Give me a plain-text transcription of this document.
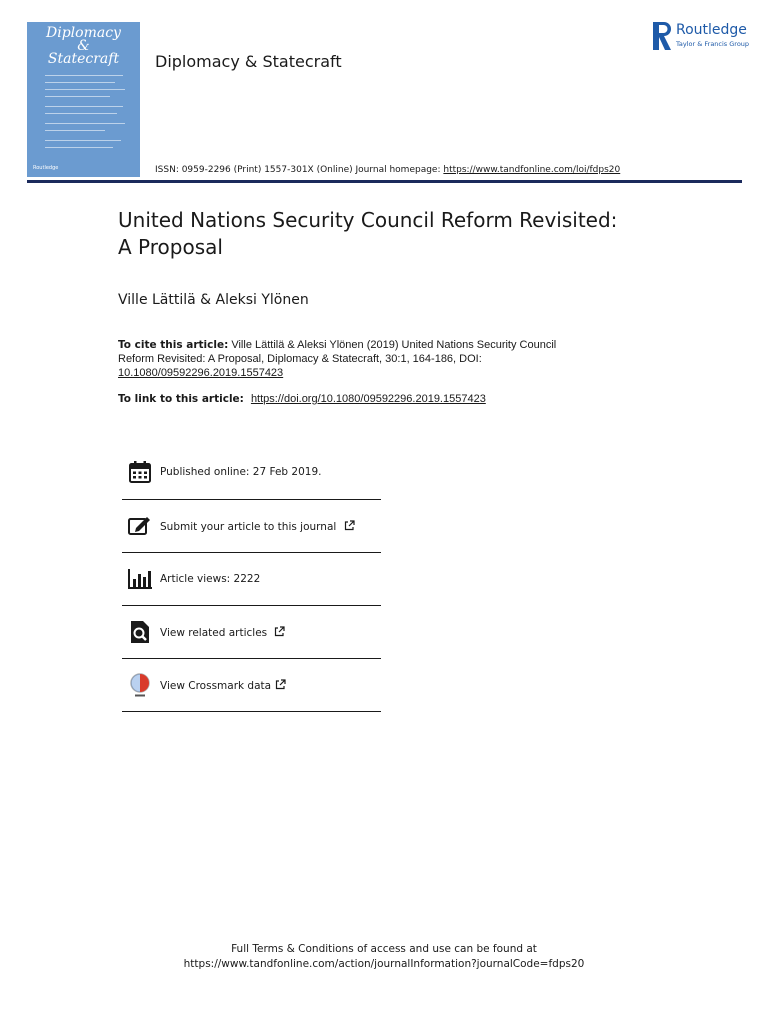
Diplomacy
&
Statecraft
Routledge
Diplomacy & Statecraft
Routledge
Taylor & Francis Group
ISSN: 0959-2296 (Print) 1557-301X (Online) Journal homepage: https://www.tandfonline.com/loi/fdps20
United Nations Security Council Reform Revisited:
A Proposal
Ville Lättilä & Aleksi Ylönen
To cite this article: Ville Lättilä & Aleksi Ylönen (2019) United Nations Security Council Reform Revisited: A Proposal, Diplomacy & Statecraft, 30:1, 164-186, DOI: 10.1080/09592296.2019.1557423
To link to this article: https://doi.org/10.1080/09592296.2019.1557423
Published online: 27 Feb 2019.
Submit your article to this journal
Article views: 2222
View related articles
View Crossmark data
Full Terms & Conditions of access and use can be found at
https://www.tandfonline.com/action/journalInformation?journalCode=fdps20
